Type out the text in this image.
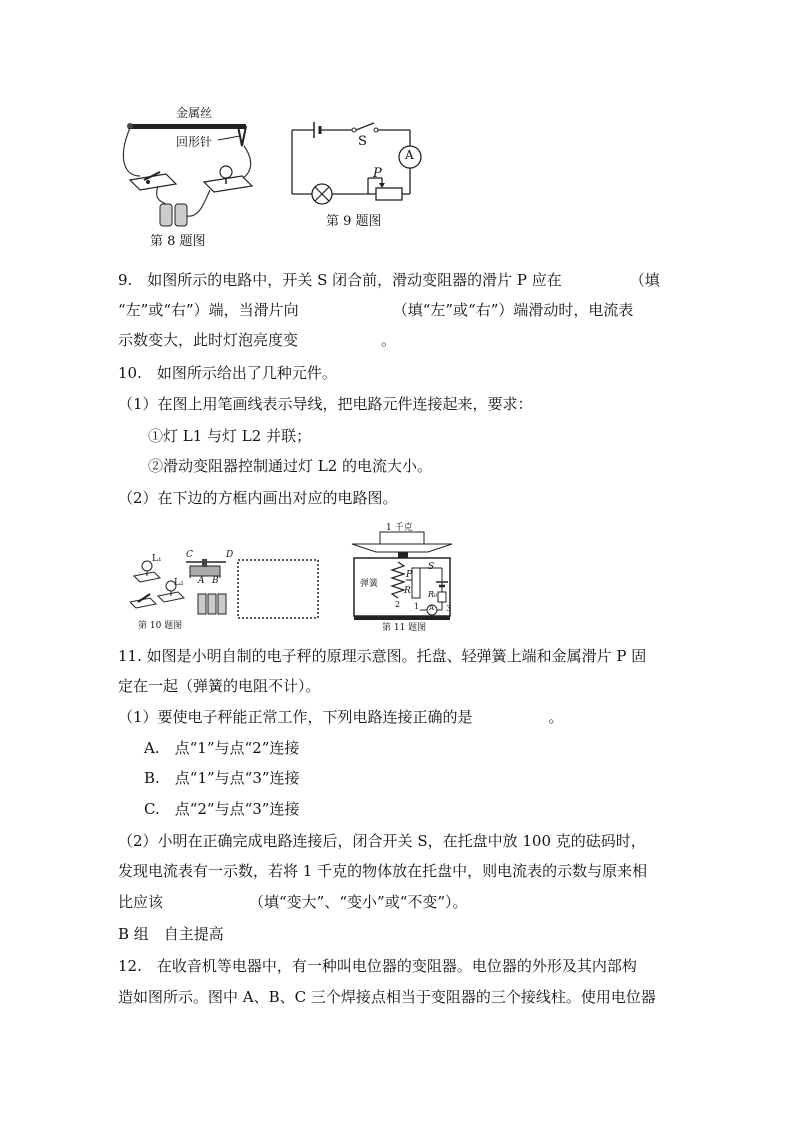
金属丝
回形针
第 8 题图
S
A
P
第 9 题图
9.　如图所示的电路中，开关 S 闭合前，滑动变阻器的滑片 P 应在	（填
“左”或“右”）端，当滑片向	（填“左”或“右”）端滑动时，电流表
示数变大，此时灯泡亮度变	。
10.　如图所示给出了几种元件。
（1）在图上用笔画线表示导线，把电路元件连接起来，要求：
①灯 L1 与灯 L2 并联；
②滑动变阻器控制通过灯 L2 的电流大小。
（2）在下边的方框内画出对应的电路图。
L₁
L₂
C	D
A B
第 10 题图
1 千克
弹簧
P
R
S
R₀
A
1
2	3
第 11 题图
11. 如图是小明自制的电子秤的原理示意图。托盘、轻弹簧上端和金属滑片 P 固
定在一起（弹簧的电阻不计）。
（1）要使电子秤能正常工作，下列电路连接正确的是	。
A.　点“1”与点“2”连接
B.　点“1”与点“3”连接
C.　点“2”与点“3”连接
（2）小明在正确完成电路连接后，闭合开关 S，在托盘中放 100 克的砝码时，
发现电流表有一示数，若将 1 千克的物体放在托盘中，则电流表的示数与原来相
比应该	（填“变大”、“变小”或“不变”）。
B 组　自主提高
12.　在收音机等电器中，有一种叫电位器的变阻器。电位器的外形及其内部构
造如图所示。图中 A、B、C 三个焊接点相当于变阻器的三个接线柱。使用电位器
